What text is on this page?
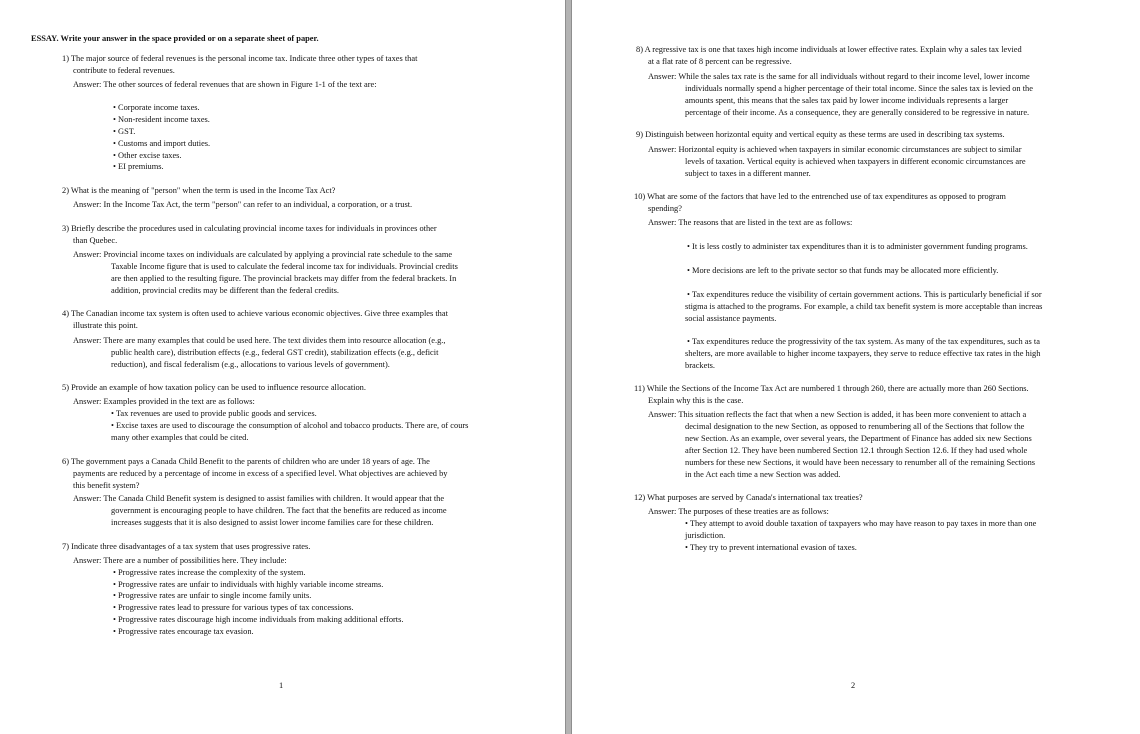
ESSAY. Write your answer in the space provided or on a separate sheet of paper.
1) The major source of federal revenues is the personal income tax. Indicate three other types of taxes that
contribute to federal revenues.
Answer: The other sources of federal revenues that are shown in Figure 1-1 of the text are:
• Corporate income taxes.
• Non-resident income taxes.
• GST.
• Customs and import duties.
• Other excise taxes.
• EI premiums.
2) What is the meaning of "person" when the term is used in the Income Tax Act?
Answer: In the Income Tax Act, the term "person" can refer to an individual, a corporation, or a trust.
3) Briefly describe the procedures used in calculating provincial income taxes for individuals in provinces other
than Quebec.
Answer: Provincial income taxes on individuals are calculated by applying a provincial rate schedule to the same
Taxable Income figure that is used to calculate the federal income tax for individuals. Provincial credits
are then applied to the resulting figure. The provincial brackets may differ from the federal brackets. In
addition, provincial credits may be different than the federal credits.
4) The Canadian income tax system is often used to achieve various economic objectives. Give three examples that
illustrate this point.
Answer: There are many examples that could be used here. The text divides them into resource allocation (e.g.,
public health care), distribution effects (e.g., federal GST credit), stabilization effects (e.g., deficit
reduction), and fiscal federalism (e.g., allocations to various levels of government).
5) Provide an example of how taxation policy can be used to influence resource allocation.
Answer: Examples provided in the text are as follows:
• Tax revenues are used to provide public goods and services.
• Excise taxes are used to discourage the consumption of alcohol and tobacco products. There are, of cours
many other examples that could be cited.
6) The government pays a Canada Child Benefit to the parents of children who are under 18 years of age. The
payments are reduced by a percentage of income in excess of a specified level. What objectives are achieved by
this benefit system?
Answer: The Canada Child Benefit system is designed to assist families with children. It would appear that the
government is encouraging people to have children. The fact that the benefits are reduced as income
increases suggests that it is also designed to assist lower income families care for these children.
7) Indicate three disadvantages of a tax system that uses progressive rates.
Answer: There are a number of possibilities here. They include:
• Progressive rates increase the complexity of the system.
• Progressive rates are unfair to individuals with highly variable income streams.
• Progressive rates are unfair to single income family units.
• Progressive rates lead to pressure for various types of tax concessions.
• Progressive rates discourage high income individuals from making additional efforts.
• Progressive rates encourage tax evasion.
1
8) A regressive tax is one that taxes high income individuals at lower effective rates. Explain why a sales tax levied
at a flat rate of 8 percent can be regressive.
Answer: While the sales tax rate is the same for all individuals without regard to their income level, lower income
individuals normally spend a higher percentage of their total income. Since the sales tax is levied on the
amounts spent, this means that the sales tax paid by lower income individuals represents a larger
percentage of their income. As a consequence, they are generally considered to be regressive in nature.
9) Distinguish between horizontal equity and vertical equity as these terms are used in describing tax systems.
Answer: Horizontal equity is achieved when taxpayers in similar economic circumstances are subject to similar
levels of taxation. Vertical equity is achieved when taxpayers in different economic circumstances are
subject to taxes in a different manner.
10) What are some of the factors that have led to the entrenched use of tax expenditures as opposed to program
spending?
Answer: The reasons that are listed in the text are as follows:
• It is less costly to administer tax expenditures than it is to administer government funding programs.
• More decisions are left to the private sector so that funds may be allocated more efficiently.
• Tax expenditures reduce the visibility of certain government actions. This is particularly beneficial if sor
stigma is attached to the programs. For example, a child tax benefit system is more acceptable than increas
social assistance payments.
• Tax expenditures reduce the progressivity of the tax system. As many of the tax expenditures, such as ta
shelters, are more available to higher income taxpayers, they serve to reduce effective tax rates in the high
brackets.
11) While the Sections of the Income Tax Act are numbered 1 through 260, there are actually more than 260 Sections.
Explain why this is the case.
Answer: This situation reflects the fact that when a new Section is added, it has been more convenient to attach a
decimal designation to the new Section, as opposed to renumbering all of the Sections that follow the
new Section. As an example, over several years, the Department of Finance has added six new Sections
after Section 12. They have been numbered Section 12.1 through Section 12.6. If they had used whole
numbers for these new Sections, it would have been necessary to renumber all of the remaining Sections
in the Act each time a new Section was added.
12) What purposes are served by Canada's international tax treaties?
Answer: The purposes of these treaties are as follows:
• They attempt to avoid double taxation of taxpayers who may have reason to pay taxes in more than one
jurisdiction.
• They try to prevent international evasion of taxes.
2
